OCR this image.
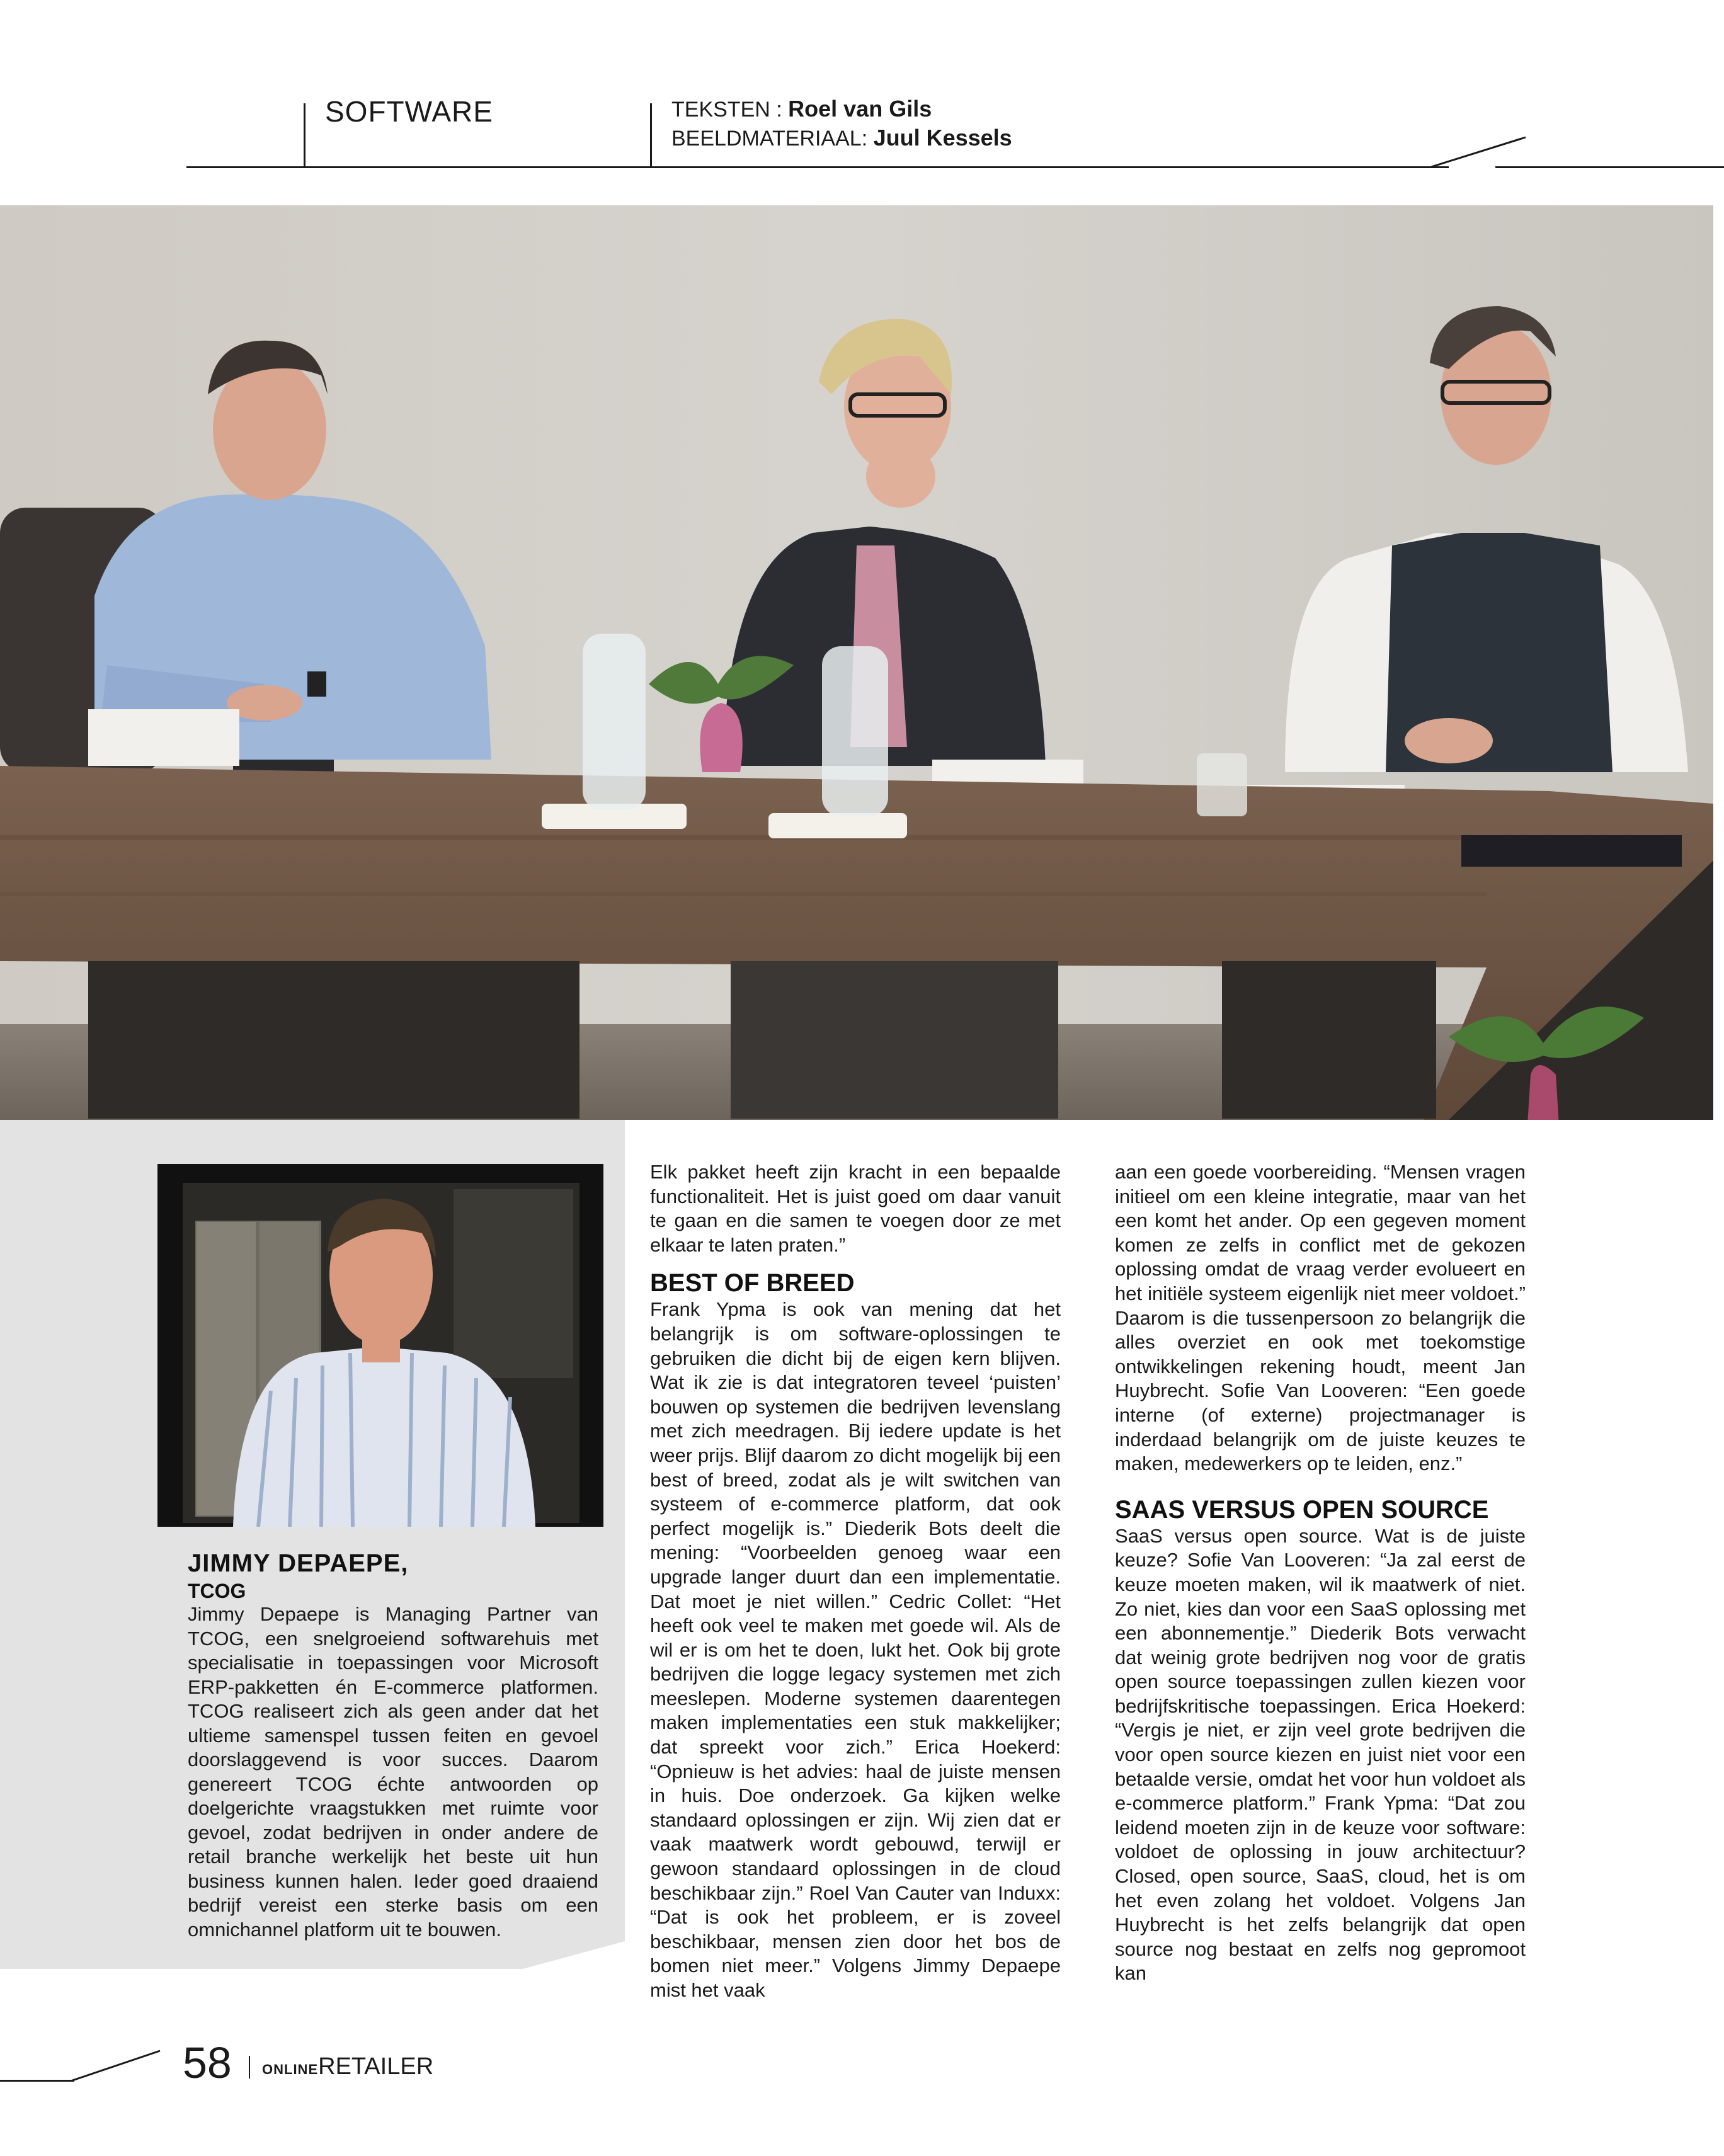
SOFTWARE	TEKSTEN : Roel van Gils
BEELDMATERIAAL: Juul Kessels
JIMMY DEPAEPE,
TCOG
Jimmy Depaepe is Managing Partner van TCOG, een snelgroeiend softwarehuis met specialisatie in toepassingen voor Microsoft ERP-pakketten én E-commerce platformen. TCOG realiseert zich als geen ander dat het ultieme samenspel tussen feiten en gevoel doorslaggevend is voor succes. Daarom genereert TCOG échte antwoorden op doelgerichte vraagstukken met ruimte voor gevoel, zodat bedrijven in onder andere de retail branche werkelijk het beste uit hun business kunnen halen. Ieder goed draaiend bedrijf vereist een sterke basis om een omnichannel platform uit te bouwen.

Elk pakket heeft zijn kracht in een bepaalde functionaliteit. Het is juist goed om daar vanuit te gaan en die samen te voegen door ze met elkaar te laten praten.”

BEST OF BREED

Frank Ypma is ook van mening dat het belangrijk is om software-oplossingen te gebruiken die dicht bij de eigen kern blijven. Wat ik zie is dat integratoren teveel ‘puisten’ bouwen op systemen die bedrijven levenslang met zich meedragen. Bij iedere update is het weer prijs. Blijf daarom zo dicht mogelijk bij een best of breed, zodat als je wilt switchen van systeem of e-commerce platform, dat ook perfect mogelijk is.” Diederik Bots deelt die mening: “Voorbeelden genoeg waar een upgrade langer duurt dan een implementatie. Dat moet je niet willen.” Cedric Collet: “Het heeft ook veel te maken met goede wil. Als de wil er is om het te doen, lukt het. Ook bij grote bedrijven die logge legacy systemen met zich meeslepen. Moderne systemen daarentegen maken implementaties een stuk makkelijker; dat spreekt voor zich.” Erica Hoekerd: “Opnieuw is het advies: haal de juiste mensen in huis. Doe onderzoek. Ga kijken welke standaard oplossingen er zijn. Wij zien dat er vaak maatwerk wordt gebouwd, terwijl er gewoon standaard oplossingen in de cloud beschikbaar zijn.” Roel Van Cauter van Induxx: “Dat is ook het probleem, er is zoveel beschikbaar, mensen zien door het bos de bomen niet meer.” Volgens Jimmy Depaepe mist het vaak

aan een goede voorbereiding. “Mensen vragen initieel om een kleine integratie, maar van het een komt het ander. Op een gegeven moment komen ze zelfs in conflict met de gekozen oplossing omdat de vraag verder evolueert en het initiële systeem eigenlijk niet meer voldoet.” Daarom is die tussenpersoon zo belangrijk die alles overziet en ook met toekomstige ontwikkelingen rekening houdt, meent Jan Huybrecht. Sofie Van Looveren: “Een goede interne (of externe) projectmanager is inderdaad belangrijk om de juiste keuzes te maken, medewerkers op te leiden, enz.”

SAAS VERSUS OPEN SOURCE

SaaS versus open source. Wat is de juiste keuze? Sofie Van Looveren: “Ja zal eerst de keuze moeten maken, wil ik maatwerk of niet. Zo niet, kies dan voor een SaaS oplossing met een abonnementje.” Diederik Bots verwacht dat weinig grote bedrijven nog voor de gratis open source toepassingen zullen kiezen voor bedrijfskritische toepassingen. Erica Hoekerd: “Vergis je niet, er zijn veel grote bedrijven die voor open source kiezen en juist niet voor een betaalde versie, omdat het voor hun voldoet als e-commerce platform.” Frank Ypma: “Dat zou leidend moeten zijn in de keuze voor software: voldoet de oplossing in jouw architectuur? Closed, open source, SaaS, cloud, het is om het even zolang het voldoet. Volgens Jan Huybrecht is het zelfs belangrijk dat open source nog bestaat en zelfs nog gepromoot kan

58 ONLINERETAILER
